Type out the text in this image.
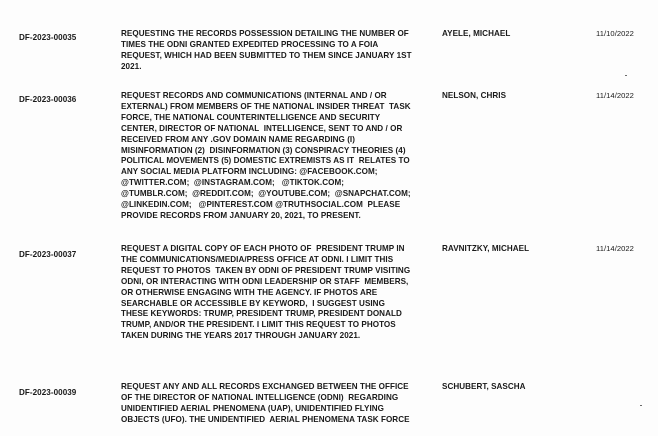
DF-2023-00035	REQUESTING THE RECORDS POSSESSION DETAILING THE NUMBER OF
TIMES THE ODNI GRANTED EXPEDITED PROCESSING TO A FOIA
REQUEST, WHICH HAD BEEN SUBMITTED TO THEM SINCE JANUARY 1ST
2021.
AYELE, MICHAEL	11/10/2022
DF-2023-00036	REQUEST RECORDS AND COMMUNICATIONS (INTERNAL AND / OR
EXTERNAL) FROM MEMBERS OF THE NATIONAL INSIDER THREAT  TASK
FORCE, THE NATIONAL COUNTERINTELLIGENCE AND SECURITY
CENTER, DIRECTOR OF NATIONAL  INTELLIGENCE, SENT TO AND / OR
RECEIVED FROM ANY .GOV DOMAIN NAME REGARDING (I)
MISINFORMATION (2)  DISINFORMATION (3) CONSPIRACY THEORIES (4)
POLITICAL MOVEMENTS (5) DOMESTIC EXTREMISTS AS IT  RELATES TO
ANY SOCIAL MEDIA PLATFORM INCLUDING: @FACEBOOK.COM;
@TWITTER.COM;  @INSTAGRAM.COM;   @TIKTOK.COM;
@TUMBLR.COM;  @REDDIT.COM;  @YOUTUBE.COM;  @SNAPCHAT.COM;
@LINKEDIN.COM;   @PINTEREST.COM @TRUTHSOCIAL.COM  PLEASE
PROVIDE RECORDS FROM JANUARY 20, 2021, TO PRESENT.
NELSON, CHRIS	11/14/2022
DF-2023-00037
REQUEST A DIGITAL COPY OF EACH PHOTO OF  PRESIDENT TRUMP IN
THE COMMUNICATIONS/MEDIA/PRESS OFFICE AT ODNI. I LIMIT THIS
REQUEST TO PHOTOS  TAKEN BY ODNI OF PRESIDENT TRUMP VISITING
ODNI, OR INTERACTING WITH ODNI LEADERSHIP OR STAFF  MEMBERS,
OR OTHERWISE ENGAGING WITH THE AGENCY. IF PHOTOS ARE
SEARCHABLE OR ACCESSIBLE BY KEYWORD,  I SUGGEST USING
THESE KEYWORDS: TRUMP, PRESIDENT TRUMP, PRESIDENT DONALD
TRUMP, AND/OR THE PRESIDENT. I LIMIT THIS REQUEST TO PHOTOS
TAKEN DURING THE YEARS 2017 THROUGH JANUARY 2021.
RAVNITZKY, MICHAEL	11/14/2022
DF-2023-00039
REQUEST ANY AND ALL RECORDS EXCHANGED BETWEEN THE OFFICE
OF THE DIRECTOR OF NATIONAL INTELLIGENCE (ODNI)  REGARDING
UNIDENTIFIED AERIAL PHENOMENA (UAP), UNIDENTIFIED FLYING
OBJECTS (UFO). THE UNIDENTIFIED  AERIAL PHENOMENA TASK FORCE
SCHUBERT, SASCHA
